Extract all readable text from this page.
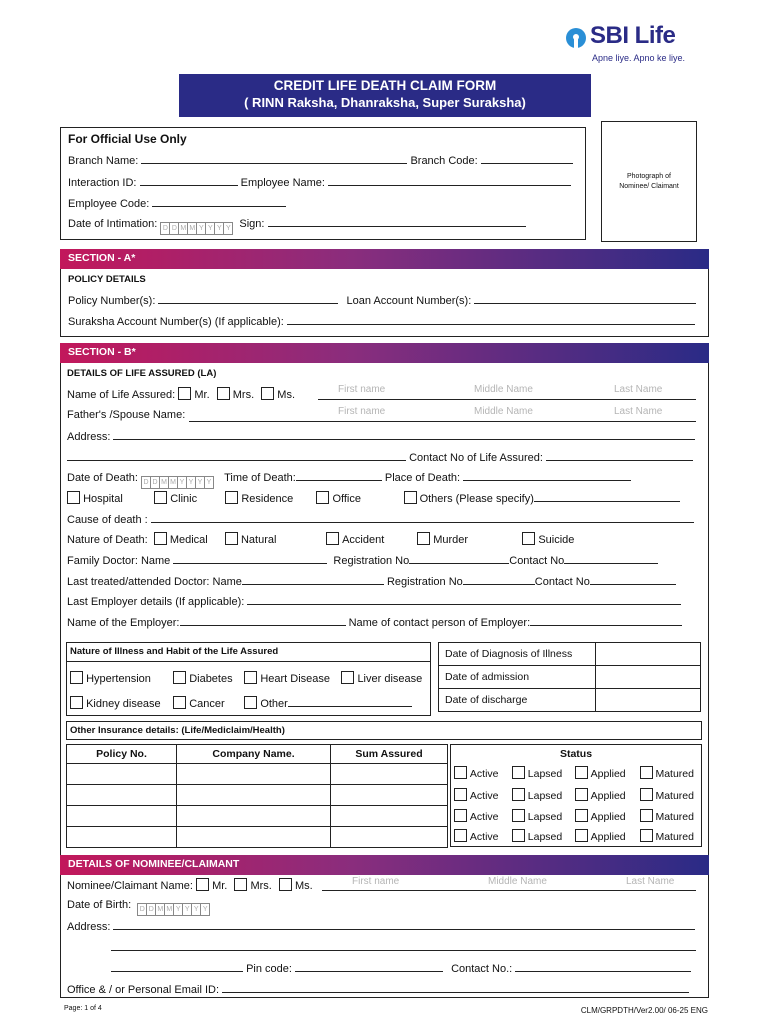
SBI Life
Apne liye. Apno ke liye.
CREDIT LIFE DEATH CLAIM FORM
( RINN Raksha, Dhanraksha, Super Suraksha)
For Official Use Only
Branch Name:	Branch Code:
Interaction ID:	Employee Name:
Employee Code:
Date of Intimation: D D M M Y Y Y Y Sign:
Photograph of
Nominee/ Claimant
SECTION - A*
POLICY DETAILS
Policy Number(s):	Loan Account Number(s):
Suraksha Account Number(s) (If applicable):
SECTION - B*
DETAILS OF LIFE ASSURED (LA)
Name of Life Assured: Mr. Mrs. Ms.	First name	Middle Name	Last Name
Father's /Spouse Name:	First name	Middle Name	Last Name
Address:
Contact No of Life Assured:
Date of Death: D D M M Y Y Y Y Time of Death:	Place of Death:
Hospital	Clinic	Residence	Office	Others (Please specify)
Cause of death :
Nature of Death: Medical	Natural	Accident	Murder	Suicide
Family Doctor: Name	Registration No	Contact No
Last treated/attended Doctor: Name	Registration No	Contact No
Last Employer details (If applicable):
Name of the Employer:	Name of contact person of Employer:
Nature of Illness and Habit of the Life Assured
Hypertension	Diabetes	Heart Disease Liver disease
Kidney disease	Cancer	Other
Date of Diagnosis of Illness	
Date of admission	
Date of discharge	
Other Insurance details: (Life/Mediclaim/Health)
Policy No.	Company Name.	Sum Assured

			Status
Active	Lapsed	Applied	Matured
Active	Lapsed	Applied	Matured
Active	Lapsed	Applied	Matured
Active	Lapsed	Applied	Matured
DETAILS OF NOMINEE/CLAIMANT
Nominee/Claimant Name: Mr. Mrs. Ms.	First name	Middle Name	Last Name
Date of Birth:	D D M M Y Y Y Y
Address:
Pin code:	Contact No.:
Office & / or Personal Email ID:
Page: 1 of 4	CLM/GRPDTH/Ver2.00/ 06-25 ENG
